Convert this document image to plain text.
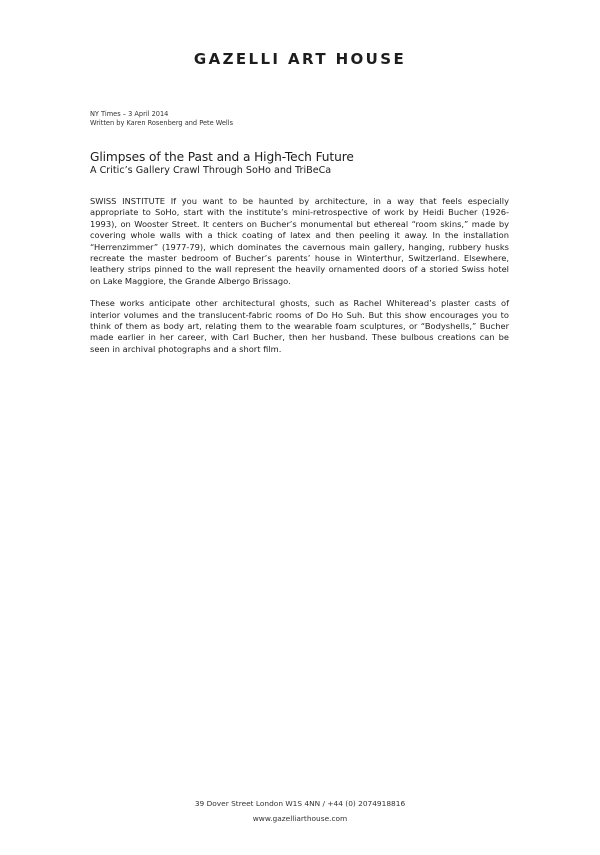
GAZELLI ART HOUSE
NY Times – 3 April 2014
Written by Karen Rosenberg and Pete Wells
Glimpses of the Past and a High-Tech Future
A Critic’s Gallery Crawl Through SoHo and TriBeCa

SWISS INSTITUTE If you want to be haunted by architecture, in a way that feels especially appropriate to SoHo, start with the institute’s mini-retrospective of work by Heidi Bucher (1926-1993), on Wooster Street. It centers on Bucher’s monumental but ethereal “room skins,” made by covering whole walls with a thick coating of latex and then peeling it away. In the installation “Herrenzimmer” (1977-79), which dominates the cavernous main gallery, hanging, rubbery husks recreate the master bedroom of Bucher’s parents’ house in Winterthur, Switzerland. Elsewhere, leathery strips pinned to the wall represent the heavily ornamented doors of a storied Swiss hotel on Lake Maggiore, the Grande Albergo Brissago.

These works anticipate other architectural ghosts, such as Rachel Whiteread’s plaster casts of interior volumes and the translucent-fabric rooms of Do Ho Suh. But this show encourages you to think of them as body art, relating them to the wearable foam sculptures, or “Bodyshells,” Bucher made earlier in her career, with Carl Bucher, then her husband. These bulbous creations can be seen in archival photographs and a short film.

39 Dover Street London W1S 4NN / +44 (0) 2074918816
www.gazelliarthouse.com
